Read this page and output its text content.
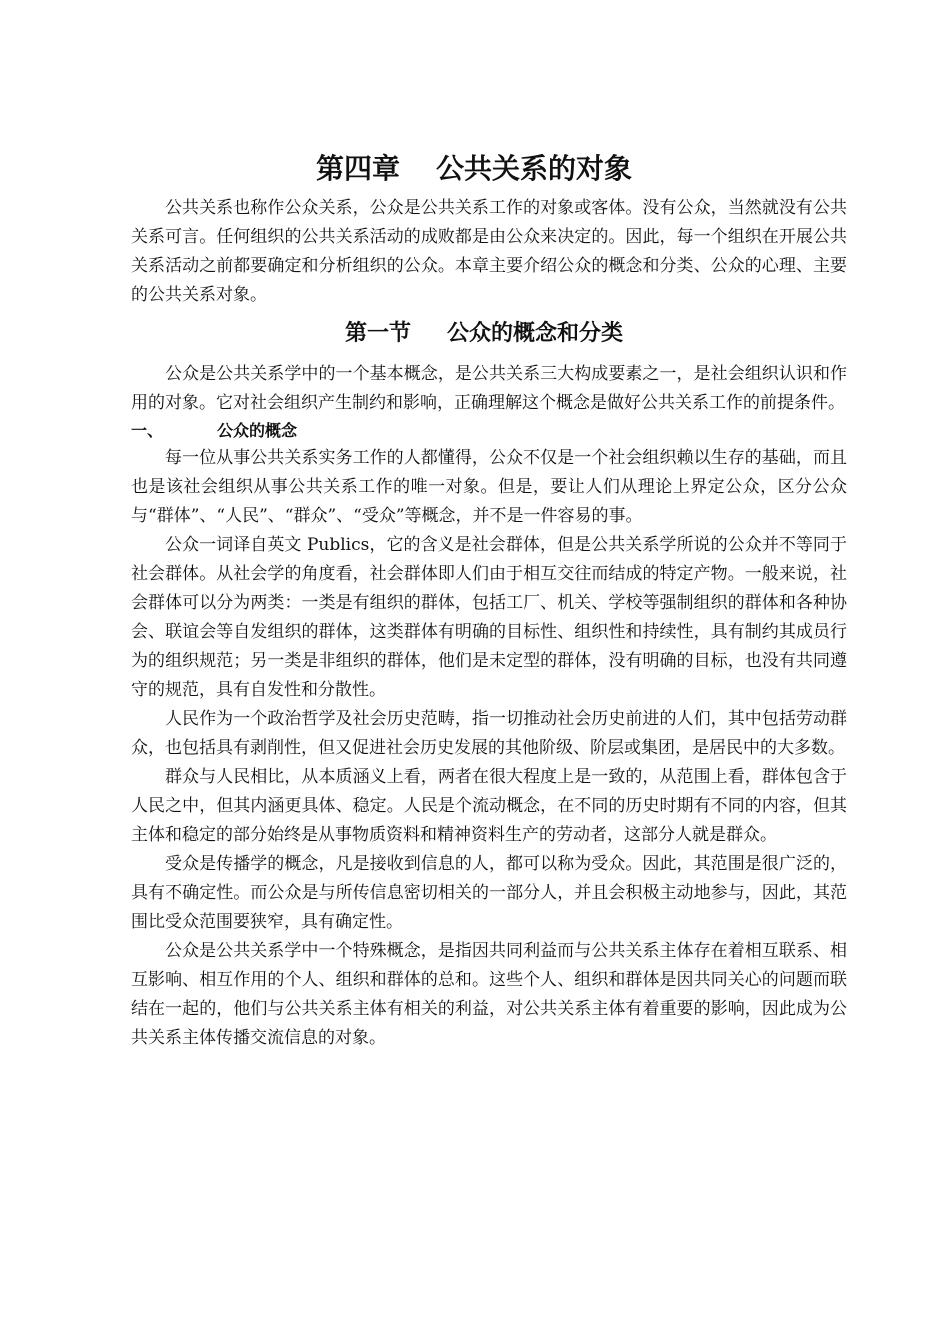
第四章 公共关系的对象

公共关系也称作公众关系，公众是公共关系工作的对象或客体。没有公众，当然就没有公共关系可言。任何组织的公共关系活动的成败都是由公众来决定的。因此，每一个组织在开展公共关系活动之前都要确定和分析组织的公众。本章主要介绍公众的概念和分类、公众的心理、主要的公共关系对象。

第一节 公众的概念和分类

公众是公共关系学中的一个基本概念，是公共关系三大构成要素之一，是社会组织认识和作用的对象。它对社会组织产生制约和影响，正确理解这个概念是做好公共关系工作的前提条件。

一、	公众的概念

每一位从事公共关系实务工作的人都懂得，公众不仅是一个社会组织赖以生存的基础，而且也是该社会组织从事公共关系工作的唯一对象。但是，要让人们从理论上界定公众，区分公众与“群体”、“人民”、“群众”、“受众”等概念，并不是一件容易的事。

公众一词译自英文 Publics，它的含义是社会群体，但是公共关系学所说的公众并不等同于社会群体。从社会学的角度看，社会群体即人们由于相互交往而结成的特定产物。一般来说，社会群体可以分为两类：一类是有组织的群体，包括工厂、机关、学校等强制组织的群体和各种协会、联谊会等自发组织的群体，这类群体有明确的目标性、组织性和持续性，具有制约其成员行为的组织规范；另一类是非组织的群体，他们是未定型的群体，没有明确的目标，也没有共同遵守的规范，具有自发性和分散性。

人民作为一个政治哲学及社会历史范畴，指一切推动社会历史前进的人们，其中包括劳动群众，也包括具有剥削性，但又促进社会历史发展的其他阶级、阶层或集团，是居民中的大多数。

群众与人民相比，从本质涵义上看，两者在很大程度上是一致的，从范围上看，群体包含于人民之中，但其内涵更具体、稳定。人民是个流动概念，在不同的历史时期有不同的内容，但其主体和稳定的部分始终是从事物质资料和精神资料生产的劳动者，这部分人就是群众。

受众是传播学的概念，凡是接收到信息的人，都可以称为受众。因此，其范围是很广泛的，具有不确定性。而公众是与所传信息密切相关的一部分人，并且会积极主动地参与，因此，其范围比受众范围要狭窄，具有确定性。

公众是公共关系学中一个特殊概念，是指因共同利益而与公共关系主体存在着相互联系、相互影响、相互作用的个人、组织和群体的总和。这些个人、组织和群体是因共同关心的问题而联结在一起的，他们与公共关系主体有相关的利益，对公共关系主体有着重要的影响，因此成为公共关系主体传播交流信息的对象。
